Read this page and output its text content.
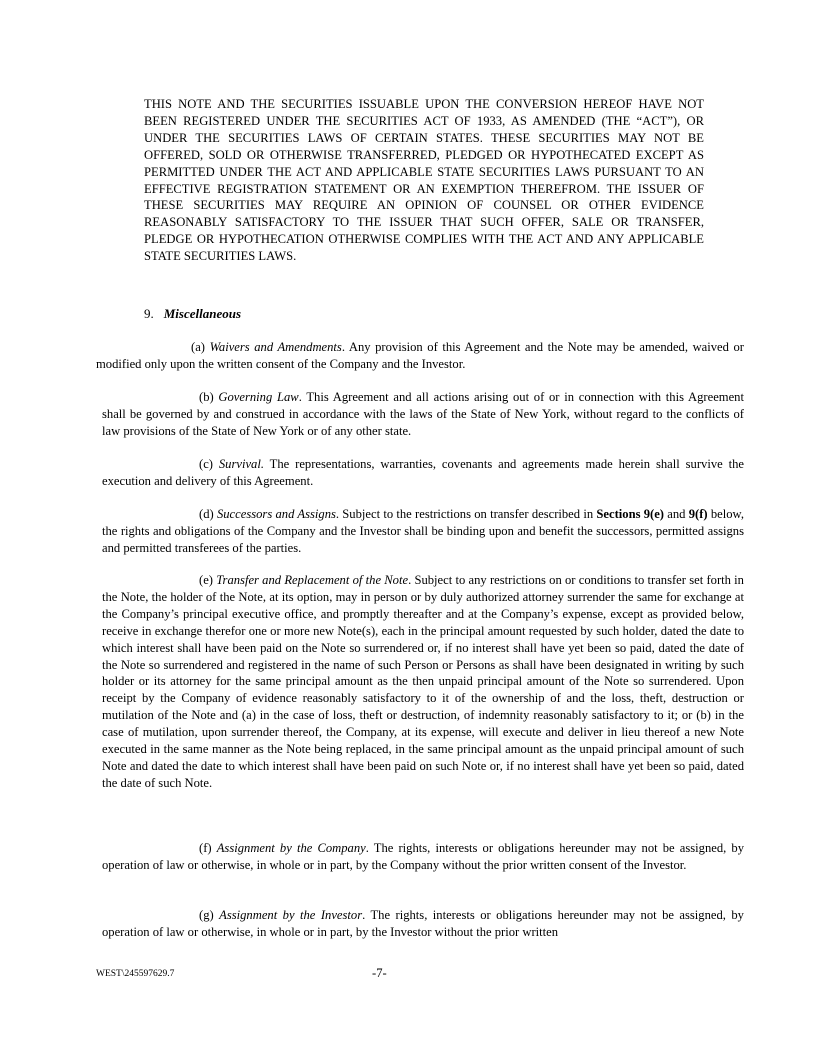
THIS NOTE AND THE SECURITIES ISSUABLE UPON THE CONVERSION HEREOF HAVE NOT BEEN REGISTERED UNDER THE SECURITIES ACT OF 1933, AS AMENDED (THE “ACT”), OR UNDER THE SECURITIES LAWS OF CERTAIN STATES. THESE SECURITIES MAY NOT BE OFFERED, SOLD OR OTHERWISE TRANSFERRED, PLEDGED OR HYPOTHECATED EXCEPT AS PERMITTED UNDER THE ACT AND APPLICABLE STATE SECURITIES LAWS PURSUANT TO AN EFFECTIVE REGISTRATION STATEMENT OR AN EXEMPTION THEREFROM. THE ISSUER OF THESE SECURITIES MAY REQUIRE AN OPINION OF COUNSEL OR OTHER EVIDENCE REASONABLY SATISFACTORY TO THE ISSUER THAT SUCH OFFER, SALE OR TRANSFER, PLEDGE OR HYPOTHECATION OTHERWISE COMPLIES WITH THE ACT AND ANY APPLICABLE STATE SECURITIES LAWS.
9. Miscellaneous
(a) Waivers and Amendments. Any provision of this Agreement and the Note may be amended, waived or modified only upon the written consent of the Company and the Investor.
(b) Governing Law. This Agreement and all actions arising out of or in connection with this Agreement shall be governed by and construed in accordance with the laws of the State of New York, without regard to the conflicts of law provisions of the State of New York or of any other state.
(c) Survival. The representations, warranties, covenants and agreements made herein shall survive the execution and delivery of this Agreement.
(d) Successors and Assigns. Subject to the restrictions on transfer described in Sections 9(e) and 9(f) below, the rights and obligations of the Company and the Investor shall be binding upon and benefit the successors, permitted assigns and permitted transferees of the parties.
(e) Transfer and Replacement of the Note. Subject to any restrictions on or conditions to transfer set forth in the Note, the holder of the Note, at its option, may in person or by duly authorized attorney surrender the same for exchange at the Company’s principal executive office, and promptly thereafter and at the Company’s expense, except as provided below, receive in exchange therefor one or more new Note(s), each in the principal amount requested by such holder, dated the date to which interest shall have been paid on the Note so surrendered or, if no interest shall have yet been so paid, dated the date of the Note so surrendered and registered in the name of such Person or Persons as shall have been designated in writing by such holder or its attorney for the same principal amount as the then unpaid principal amount of the Note so surrendered. Upon receipt by the Company of evidence reasonably satisfactory to it of the ownership of and the loss, theft, destruction or mutilation of the Note and (a) in the case of loss, theft or destruction, of indemnity reasonably satisfactory to it; or (b) in the case of mutilation, upon surrender thereof, the Company, at its expense, will execute and deliver in lieu thereof a new Note executed in the same manner as the Note being replaced, in the same principal amount as the unpaid principal amount of such Note and dated the date to which interest shall have been paid on such Note or, if no interest shall have yet been so paid, dated the date of such Note.
(f) Assignment by the Company. The rights, interests or obligations hereunder may not be assigned, by operation of law or otherwise, in whole or in part, by the Company without the prior written consent of the Investor.
(g) Assignment by the Investor. The rights, interests or obligations hereunder may not be assigned, by operation of law or otherwise, in whole or in part, by the Investor without the prior written
WEST\245597629.7	-7-
